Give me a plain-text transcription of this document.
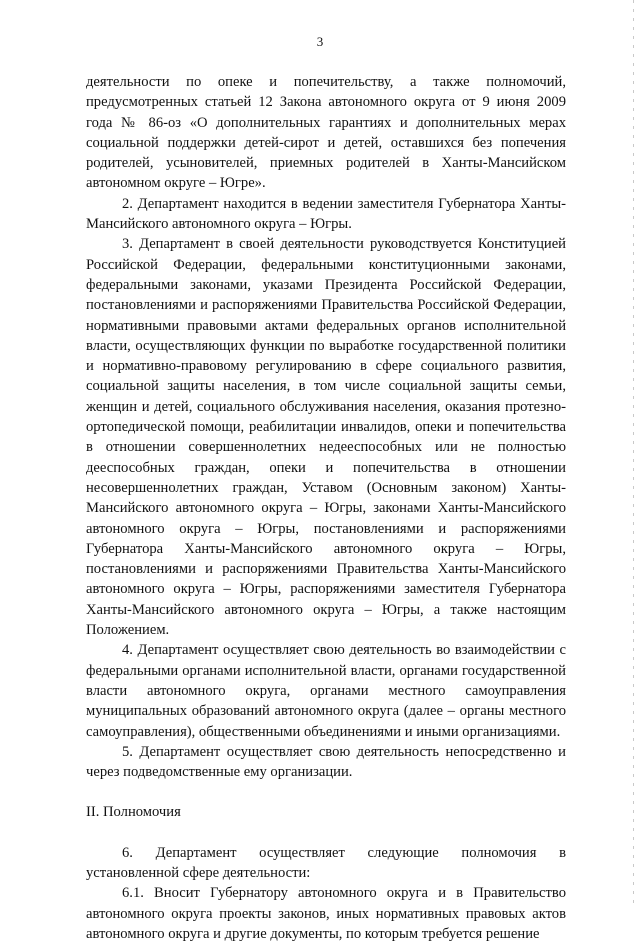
3

деятельности по опеке и попечительству, а также полномочий, предусмотренных статьей 12 Закона автономного округа от 9 июня 2009 года № 86-оз «О дополнительных гарантиях и дополнительных мерах социальной поддержки детей-сирот и детей, оставшихся без попечения родителей, усыновителей, приемных родителей в Ханты-Мансийском автономном округе – Югре».

2. Департамент находится в ведении заместителя Губернатора Ханты-Мансийского автономного округа – Югры.

3. Департамент в своей деятельности руководствуется Конституцией Российской Федерации, федеральными конституционными законами, федеральными законами, указами Президента Российской Федерации, постановлениями и распоряжениями Правительства Российской Федерации, нормативными правовыми актами федеральных органов исполнительной власти, осуществляющих функции по выработке государственной политики и нормативно-правовому регулированию в сфере социального развития, социальной защиты населения, в том числе социальной защиты семьи, женщин и детей, социального обслуживания населения, оказания протезно-ортопедической помощи, реабилитации инвалидов, опеки и попечительства в отношении совершеннолетних недееспособных или не полностью дееспособных граждан, опеки и попечительства в отношении несовершеннолетних граждан, Уставом (Основным законом) Ханты-Мансийского автономного округа – Югры, законами Ханты-Мансийского автономного округа – Югры, постановлениями и распоряжениями Губернатора Ханты-Мансийского автономного округа – Югры, постановлениями и распоряжениями Правительства Ханты-Мансийского автономного округа – Югры, распоряжениями заместителя Губернатора Ханты-Мансийского автономного округа – Югры, а также настоящим Положением.

4. Департамент осуществляет свою деятельность во взаимодействии с федеральными органами исполнительной власти, органами государственной власти автономного округа, органами местного самоуправления муниципальных образований автономного округа (далее – органы местного самоуправления), общественными объединениями и иными организациями.

5. Департамент осуществляет свою деятельность непосредственно и через подведомственные ему организации.

II. Полномочия

6. Департамент осуществляет следующие полномочия в установленной сфере деятельности:

6.1. Вносит Губернатору автономного округа и в Правительство автономного округа проекты законов, иных нормативных правовых актов автономного округа и другие документы, по которым требуется решение
